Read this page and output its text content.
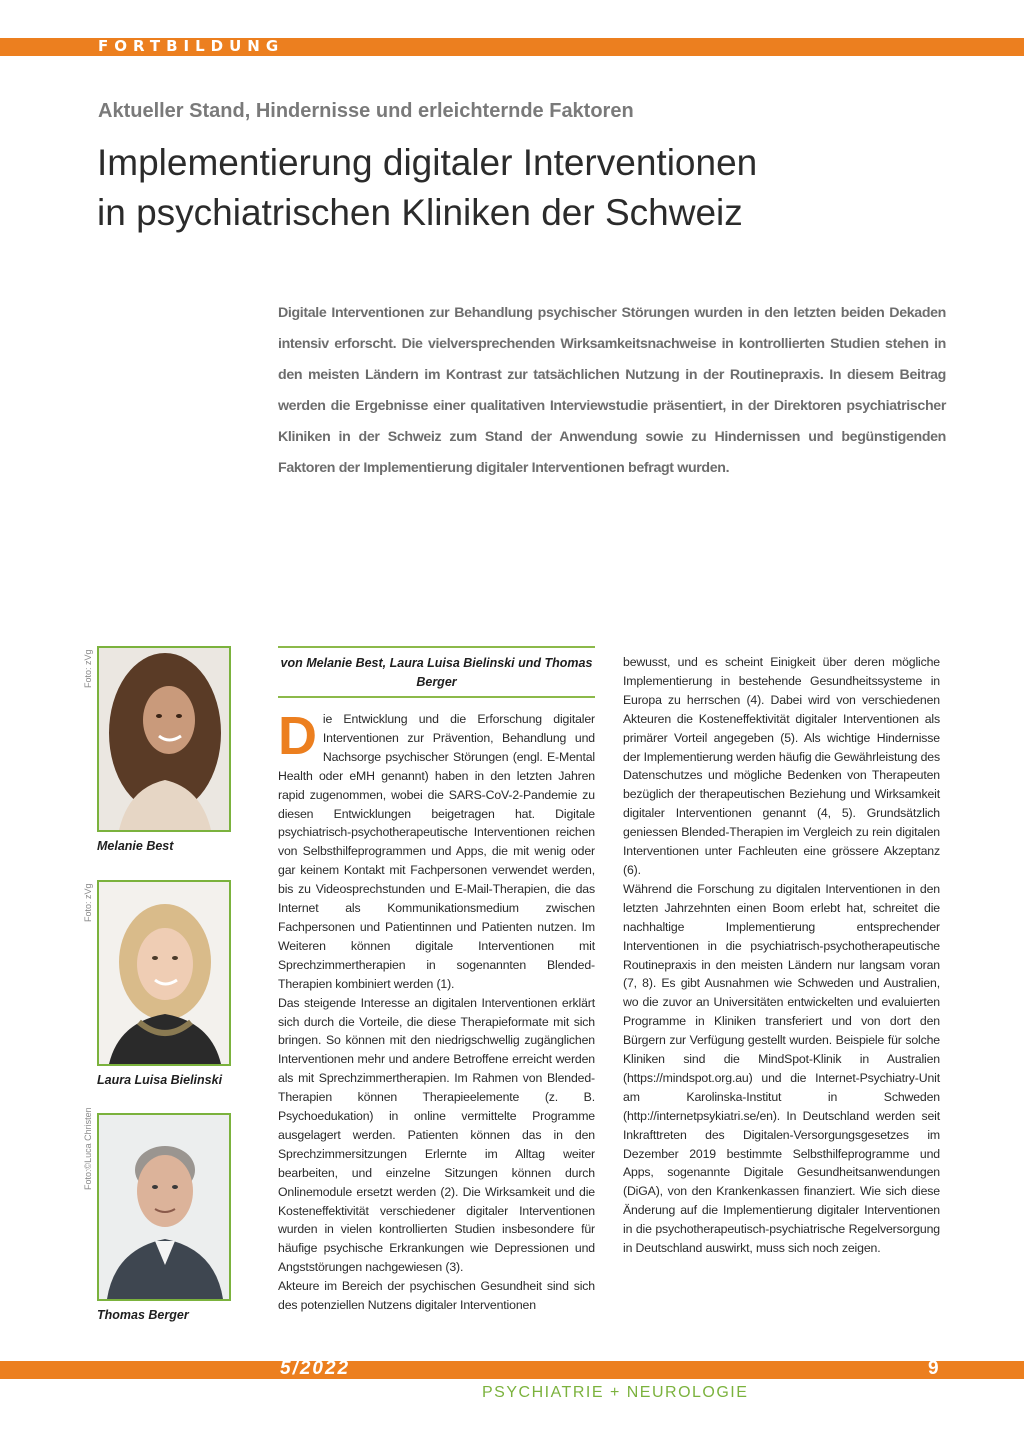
FORTBILDUNG
Aktueller Stand, Hindernisse und erleichternde Faktoren
Implementierung digitaler Interventionen
in psychiatrischen Kliniken der Schweiz
Digitale Interventionen zur Behandlung psychischer Störungen wurden in den letzten beiden Dekaden intensiv erforscht. Die vielversprechenden Wirksamkeitsnachweise in kontrollierten Studien stehen in den meisten Ländern im Kontrast zur tatsächlichen Nutzung in der Routinepraxis. In diesem Beitrag werden die Ergebnisse einer qualitativen Interviewstudie präsentiert, in der Direktoren psychiatrischer Kliniken in der Schweiz zum Stand der Anwendung sowie zu Hindernissen und begünstigenden Faktoren der Implementierung digitaler Interventionen befragt wurden.
Foto: zVg
Melanie Best
Foto: zVg
Laura Luisa Bielinski
Foto:©Luca Christen
Thomas Berger
von Melanie Best, Laura Luisa Bielinski und Thomas Berger
D ie Entwicklung und die Erforschung digitaler Interventionen zur Prävention, Behandlung und Nachsorge psychischer Störungen (engl. E-Mental Health oder eMH genannt) haben in den letzten Jahren rapid zugenommen, wobei die SARS-CoV-2-Pandemie zu diesen Entwicklungen beigetragen hat. Digitale psychiatrisch-psychotherapeutische Interventionen reichen von Selbsthilfeprogrammen und Apps, die mit wenig oder gar keinem Kontakt mit Fachpersonen verwendet werden, bis zu Videosprechstunden und E-Mail-Therapien, die das Internet als Kommunikationsmedium zwischen Fachpersonen und Patientinnen und Patienten nutzen. Im Weiteren können digitale Interventionen mit Sprechzimmertherapien in sogenannten Blended-Therapien kombiniert werden (1).

Das steigende Interesse an digitalen Interventionen erklärt sich durch die Vorteile, die diese Therapieformate mit sich bringen. So können mit den niedrigschwellig zugänglichen Interventionen mehr und andere Betroffene erreicht werden als mit Sprechzimmertherapien. Im Rahmen von Blended-Therapien können Therapieelemente (z. B. Psychoedukation) in online vermittelte Programme ausgelagert werden. Patienten können das in den Sprechzimmersitzungen Erlernte im Alltag weiter bearbeiten, und einzelne Sitzungen können durch Onlinemodule ersetzt werden (2). Die Wirksamkeit und die Kosteneffektivität verschiedener digitaler Interventionen wurden in vielen kontrollierten Studien insbesondere für häufige psychische Erkrankungen wie Depressionen und Angststörungen nachgewiesen (3).

Akteure im Bereich der psychischen Gesundheit sind sich des potenziellen Nutzens digitaler Interventionen

bewusst, und es scheint Einigkeit über deren mögliche Implementierung in bestehende Gesundheitssysteme in Europa zu herrschen (4). Dabei wird von verschiedenen Akteuren die Kosteneffektivität digitaler Interventionen als primärer Vorteil angegeben (5). Als wichtige Hindernisse der Implementierung werden häufig die Gewährleistung des Datenschutzes und mögliche Bedenken von Therapeuten bezüglich der therapeutischen Beziehung und Wirksamkeit digitaler Interventionen genannt (4, 5). Grundsätzlich geniessen Blended-Therapien im Vergleich zu rein digitalen Interventionen unter Fachleuten eine grössere Akzeptanz (6).

Während die Forschung zu digitalen Interventionen in den letzten Jahrzehnten einen Boom erlebt hat, schreitet die nachhaltige Implementierung entsprechender Interventionen in die psychiatrisch-psychotherapeutische Routinepraxis in den meisten Ländern nur langsam voran (7, 8). Es gibt Ausnahmen wie Schweden und Australien, wo die zuvor an Universitäten entwickelten und evaluierten Programme in Kliniken transferiert und von dort den Bürgern zur Verfügung gestellt wurden. Beispiele für solche Kliniken sind die MindSpot-Klinik in Australien (https://mindspot.org.au) und die Internet-Psychiatry-Unit am Karolinska-Institut in Schweden (http://internetpsykiatri.se/en). In Deutschland werden seit Inkrafttreten des Digitalen-Versorgungsgesetzes im Dezember 2019 bestimmte Selbsthilfeprogramme und Apps, sogenannte Digitale Gesundheitsanwendungen (DiGA), von den Krankenkassen finanziert. Wie sich diese Änderung auf die Implementierung digitaler Interventionen in die psychotherapeutisch-psychiatrische Regelversorgung in Deutschland auswirkt, muss sich noch zeigen.

5/2022	9
PSYCHIATRIE + NEUROLOGIE
